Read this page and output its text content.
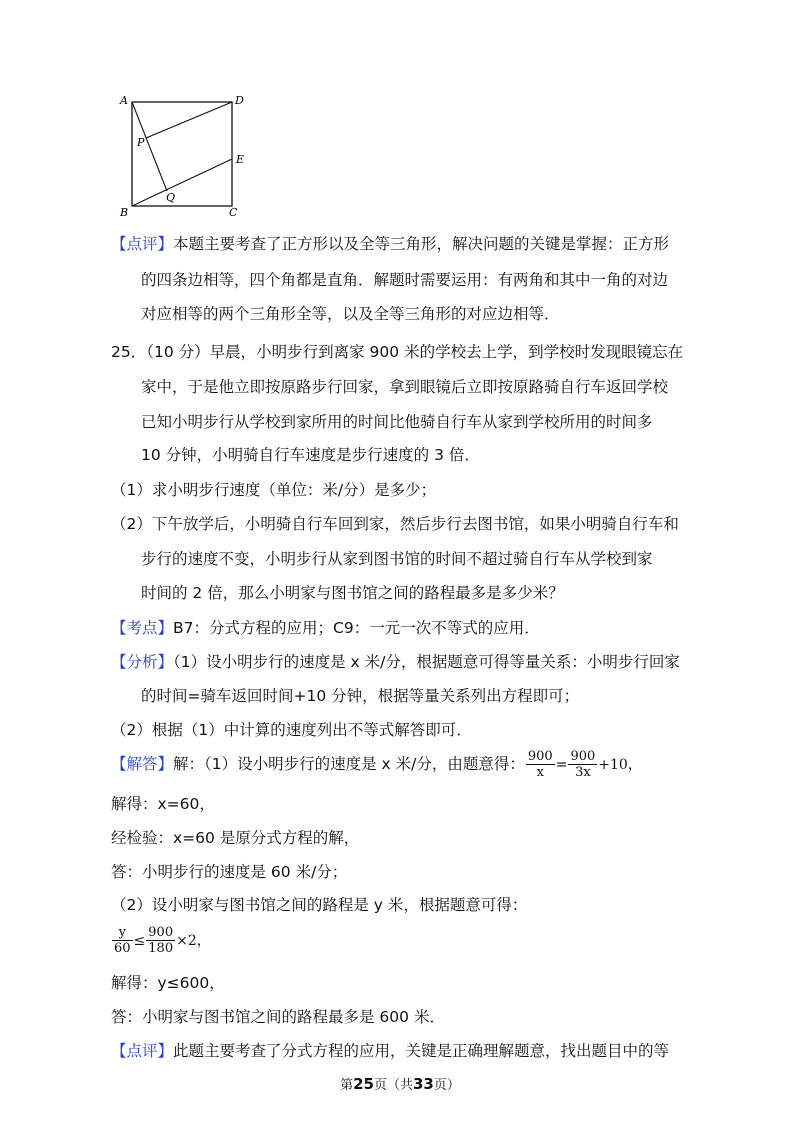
A	D
P
E
B
Q
C
【点评】本题主要考查了正方形以及全等三角形，解决问题的关键是掌握：正方形
的四条边相等，四个角都是直角．解题时需要运用：有两角和其中一角的对边
对应相等的两个三角形全等，以及全等三角形的对应边相等．
25．（10 分）早晨，小明步行到离家 900 米的学校去上学，到学校时发现眼镜忘在
家中，于是他立即按原路步行回家，拿到眼镜后立即按原路骑自行车返回学校
已知小明步行从学校到家所用的时间比他骑自行车从家到学校所用的时间多
10 分钟，小明骑自行车速度是步行速度的 3 倍．
（1）求小明步行速度（单位：米/分）是多少；
（2）下午放学后，小明骑自行车回到家，然后步行去图书馆，如果小明骑自行车和
步行的速度不变，小明步行从家到图书馆的时间不超过骑自行车从学校到家
时间的 2 倍，那么小明家与图书馆之间的路程最多是多少米？
【考点】B7：分式方程的应用；C9：一元一次不等式的应用．
【分析】（1）设小明步行的速度是 x 米/分，根据题意可得等量关系：小明步行回家
的时间=骑车返回时间+10 分钟，根据等量关系列出方程即可；
（2）根据（1）中计算的速度列出不等式解答即可．
【解答】解：（1）设小明步行的速度是 x 米/分，由题意得： $\frac{900}{x} = \frac{900}{3x} +10$，
解得：x=60，
经检验：x=60 是原分式方程的解，
答：小明步行的速度是 60 米/分；
（2）设小明家与图书馆之间的路程是 y 米，根据题意可得：
$\frac{y}{60} \le \frac{900}{180} \times 2$，
解得：y≤600，
答：小明家与图书馆之间的路程最多是 600 米．
【点评】此题主要考查了分式方程的应用，关键是正确理解题意，找出题目中的等
第25页（共33页）
